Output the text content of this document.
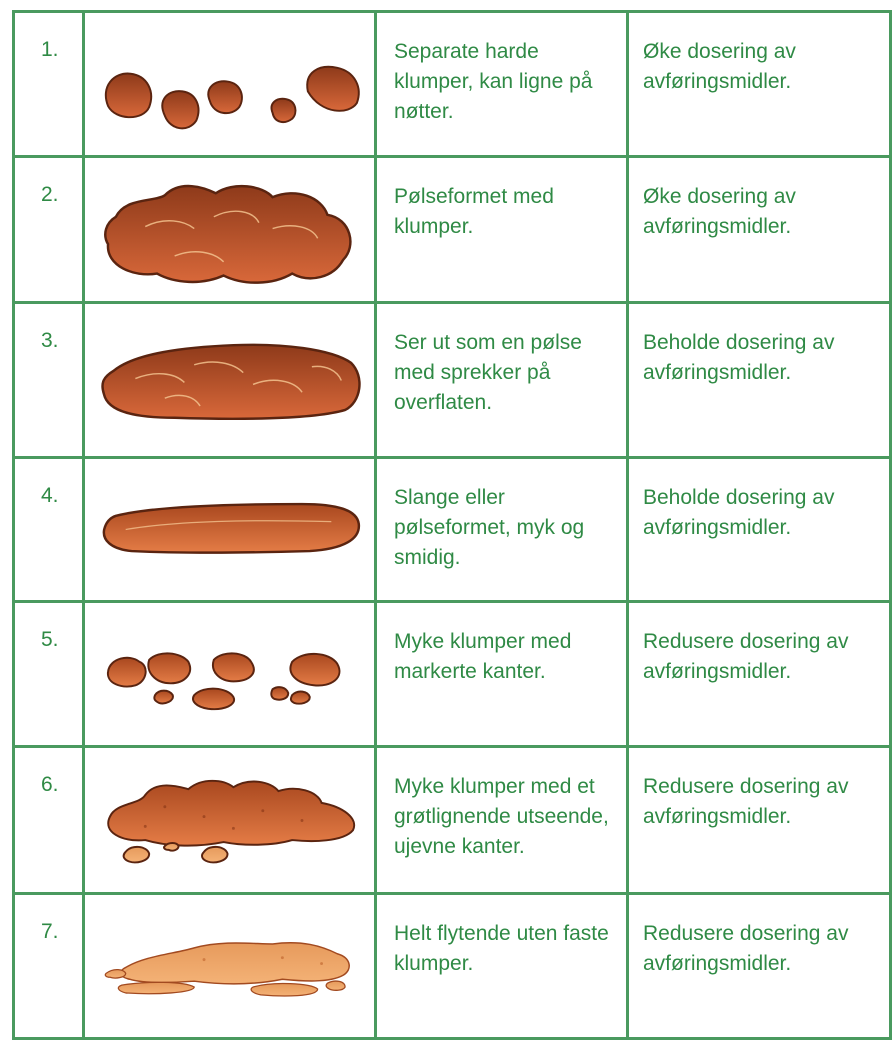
1.		Separate harde klumper, kan ligne på nøtter.	Øke dosering av avføringsmidler.
2.		Pølseformet med klumper.	Øke dosering av avføringsmidler.
3.		Ser ut som en pølse med sprekker på overflaten.	Beholde dosering av avføringsmidler.
4.		Slange eller pølseformet, myk og smidig.	Beholde dosering av avføringsmidler.
5.		Myke klumper med markerte kanter.	Redusere dosering av avføringsmidler.
6.		Myke klumper med et grøtlignende utseende, ujevne kanter.	Redusere dosering av avføringsmidler.
7.		Helt flytende uten faste klumper.	Redusere dosering av avføringsmidler.
